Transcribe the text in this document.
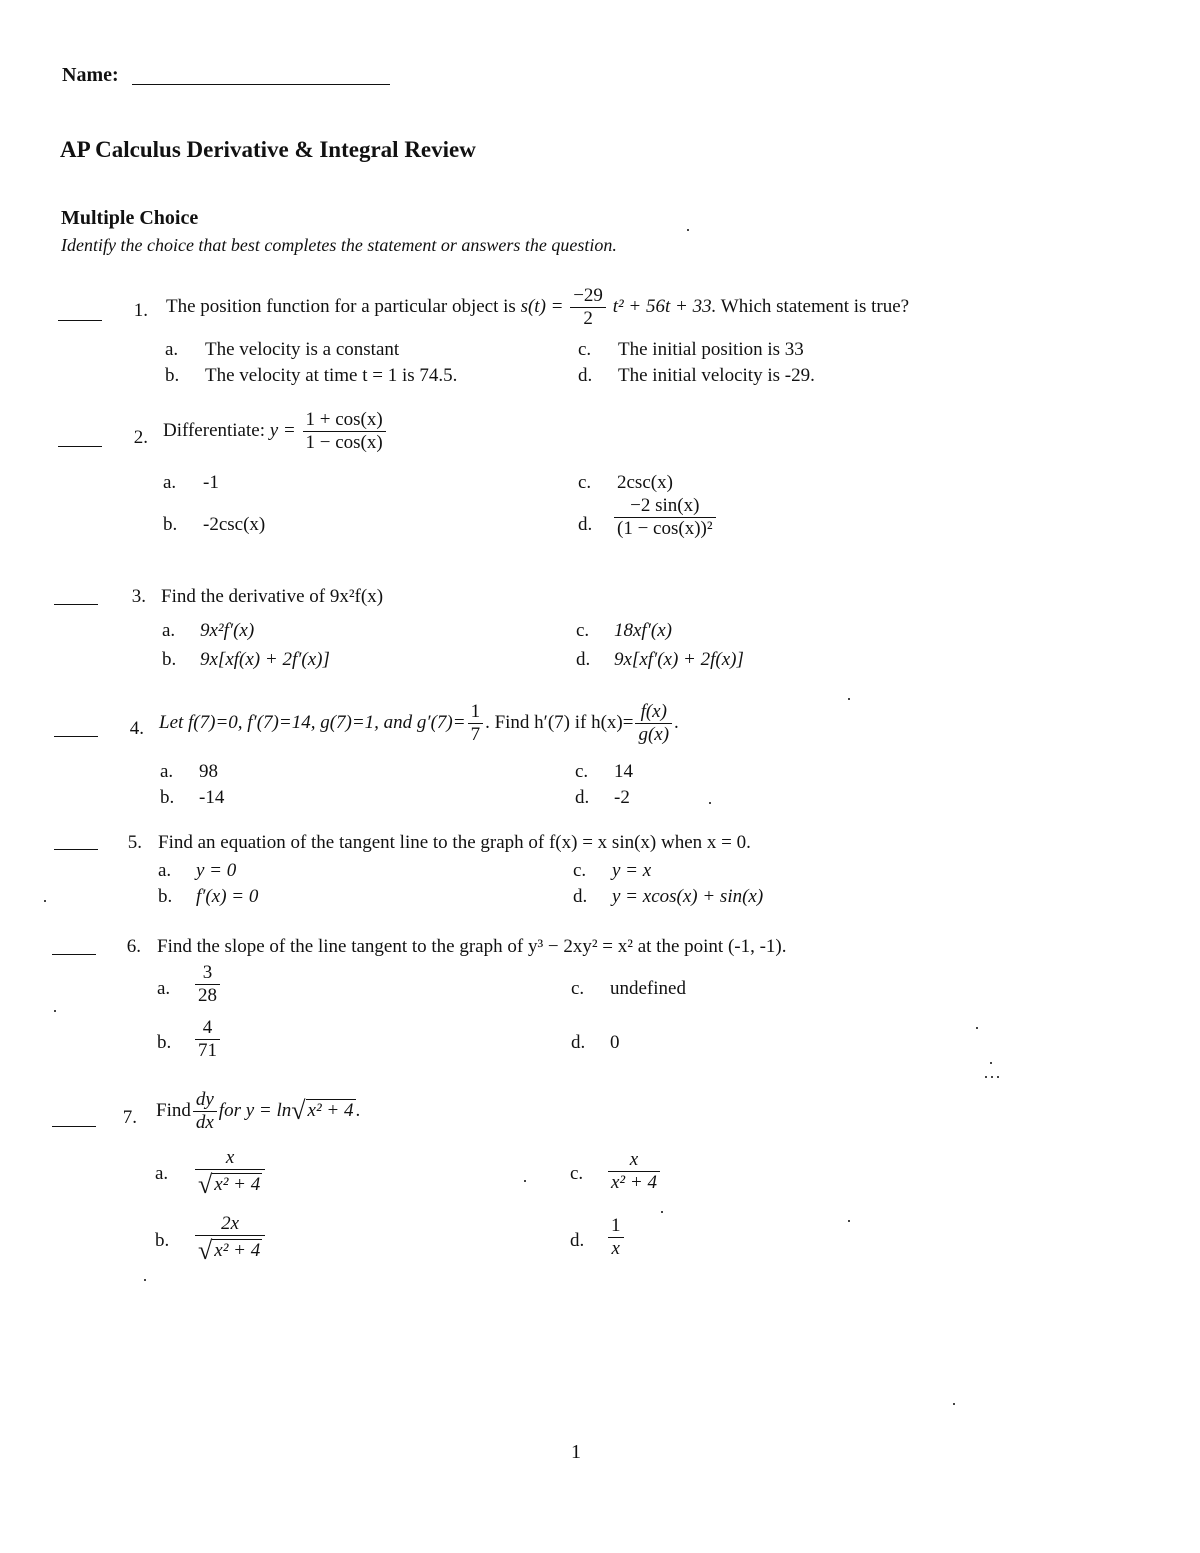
Name:
AP Calculus Derivative & Integral Review
Multiple Choice
Identify the choice that best completes the statement or answers the question.
1. The position function for a particular object is $s(t) = \frac{-29}{2} t^2 + 56t + 33$. Which statement is true?
a.	The velocity is a constant
b.	The velocity at time t = 1 is 74.5.
c.	The initial position is 33
d.	The initial velocity is -29.
2. Differentiate: $y = \frac{1 + \cos(x)}{1 - \cos(x)}$
a.	-1
b.	-2csc(x)
c.	2csc(x)
d.	$\frac{-2 \sin(x)}{\text{(1 − cos(x))²}}$
3. Find the derivative of 9x²f(x)
a.	9x²f′(x)
b.	9x[xf(x) + 2f′(x)]
c.	18xf′(x)
d.	9x[xf′(x) + 2f(x)]
4. Let f(7)=0, f′(7)=14, g(7)=1, and $g'(7)= \frac{1}{7}$ . Find h′(7) if $h(x)= \frac{f(x)}{g(x)}$ .
a.	98
b.	-14
c.	14
d.	-2
5. Find an equation of the tangent line to the graph of f(x) = x sin(x) when x = 0.
a.	y = 0
b.	f′(x) = 0
c.	y = x
d.	y = xcos(x) + sin(x)
6. Find the slope of the line tangent to the graph of y³ − 2xy² = x² at the point (-1, -1).
a.	$\frac{3}{28}$
b.	$\frac{4}{71}$
c.	undefined
d.	0
7. Find $\frac{dy}{dx}$ for y = ln√ x² + 4 .
a.	$\frac{x}{\text{√ x² + 4}}$
b.	$\frac{2x}{\text{√ x² + 4}}$
c.	$\frac{x}{\text{x² + 4}}$
d.	$\frac{1}{x}$
1
